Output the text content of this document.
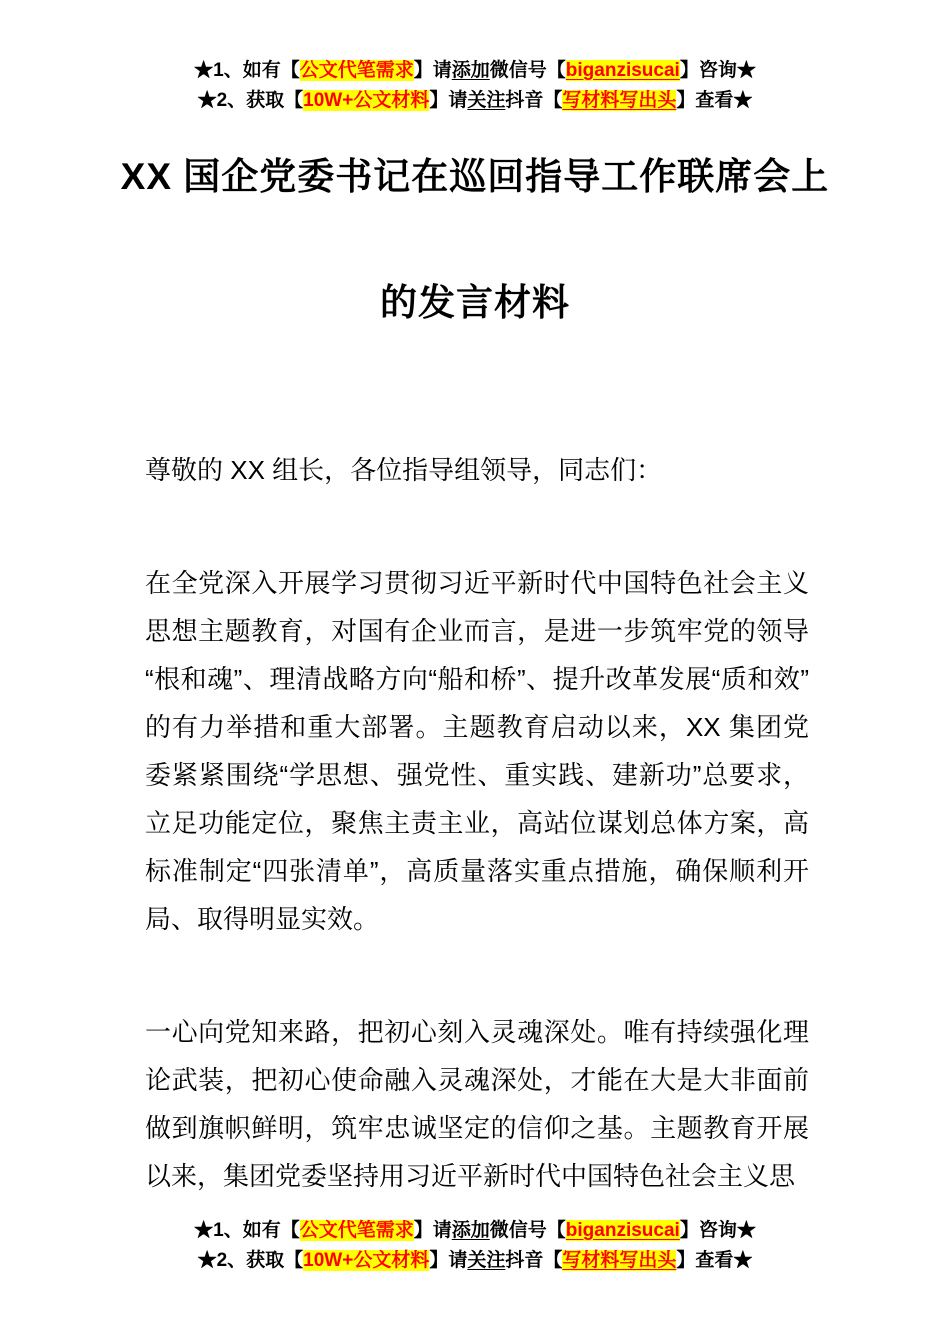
★1、如有【公文代笔需求】请添加微信号【biganzisucai】咨询★
★2、获取【10W+公文材料】请关注抖音【写材料写出头】查看★
XX 国企党委书记在巡回指导工作联席会上
的发言材料

尊敬的 XX 组长，各位指导组领导，同志们：

在全党深入开展学习贯彻习近平新时代中国特色社会主义思想主题教育，对国有企业而言，是进一步筑牢党的领导“根和魂”、理清战略方向“船和桥”、提升改革发展“质和效”的有力举措和重大部署。主题教育启动以来，XX 集团党委紧紧围绕“学思想、强党性、重实践、建新功”总要求，立足功能定位，聚焦主责主业，高站位谋划总体方案，高标准制定“四张清单”，高质量落实重点措施，确保顺利开局、取得明显实效。

一心向党知来路，把初心刻入灵魂深处。唯有持续强化理论武装，把初心使命融入灵魂深处，才能在大是大非面前做到旗帜鲜明，筑牢忠诚坚定的信仰之基。主题教育开展以来，集团党委坚持用习近平新时代中国特色社会主义思

★1、如有【公文代笔需求】请添加微信号【biganzisucai】咨询★
★2、获取【10W+公文材料】请关注抖音【写材料写出头】查看★
